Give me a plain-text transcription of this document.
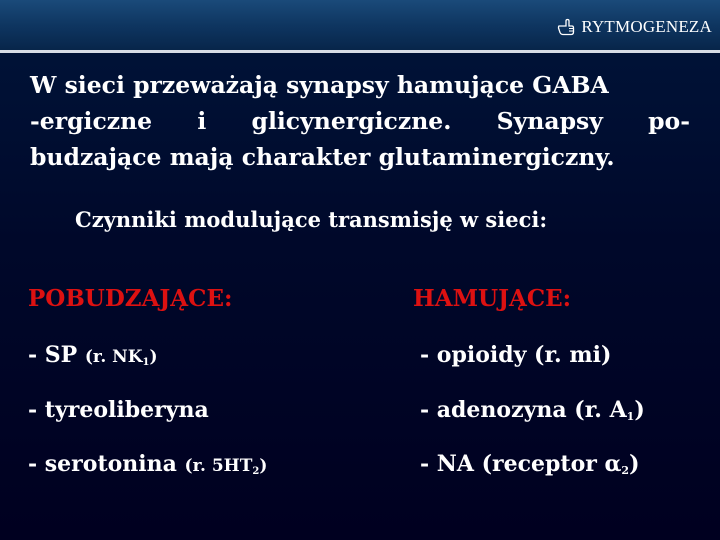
RYTMOGENEZA
W sieci przeważają synapsy hamujące GABA
-ergiczne i glicynergiczne. Synapsy po-
budzające mają charakter glutaminergiczny.
Czynniki modulujące transmisję w sieci:
POBUDZAJĄCE:	HAMUJĄCE:
- SP (r. $NK_1$)
- tyreoliberyna
- serotonina (r. $5HT_2$)
- opioidy (r. mi)
- adenozyna (r. $A_1$)
- NA (receptor $\alpha_2$)
